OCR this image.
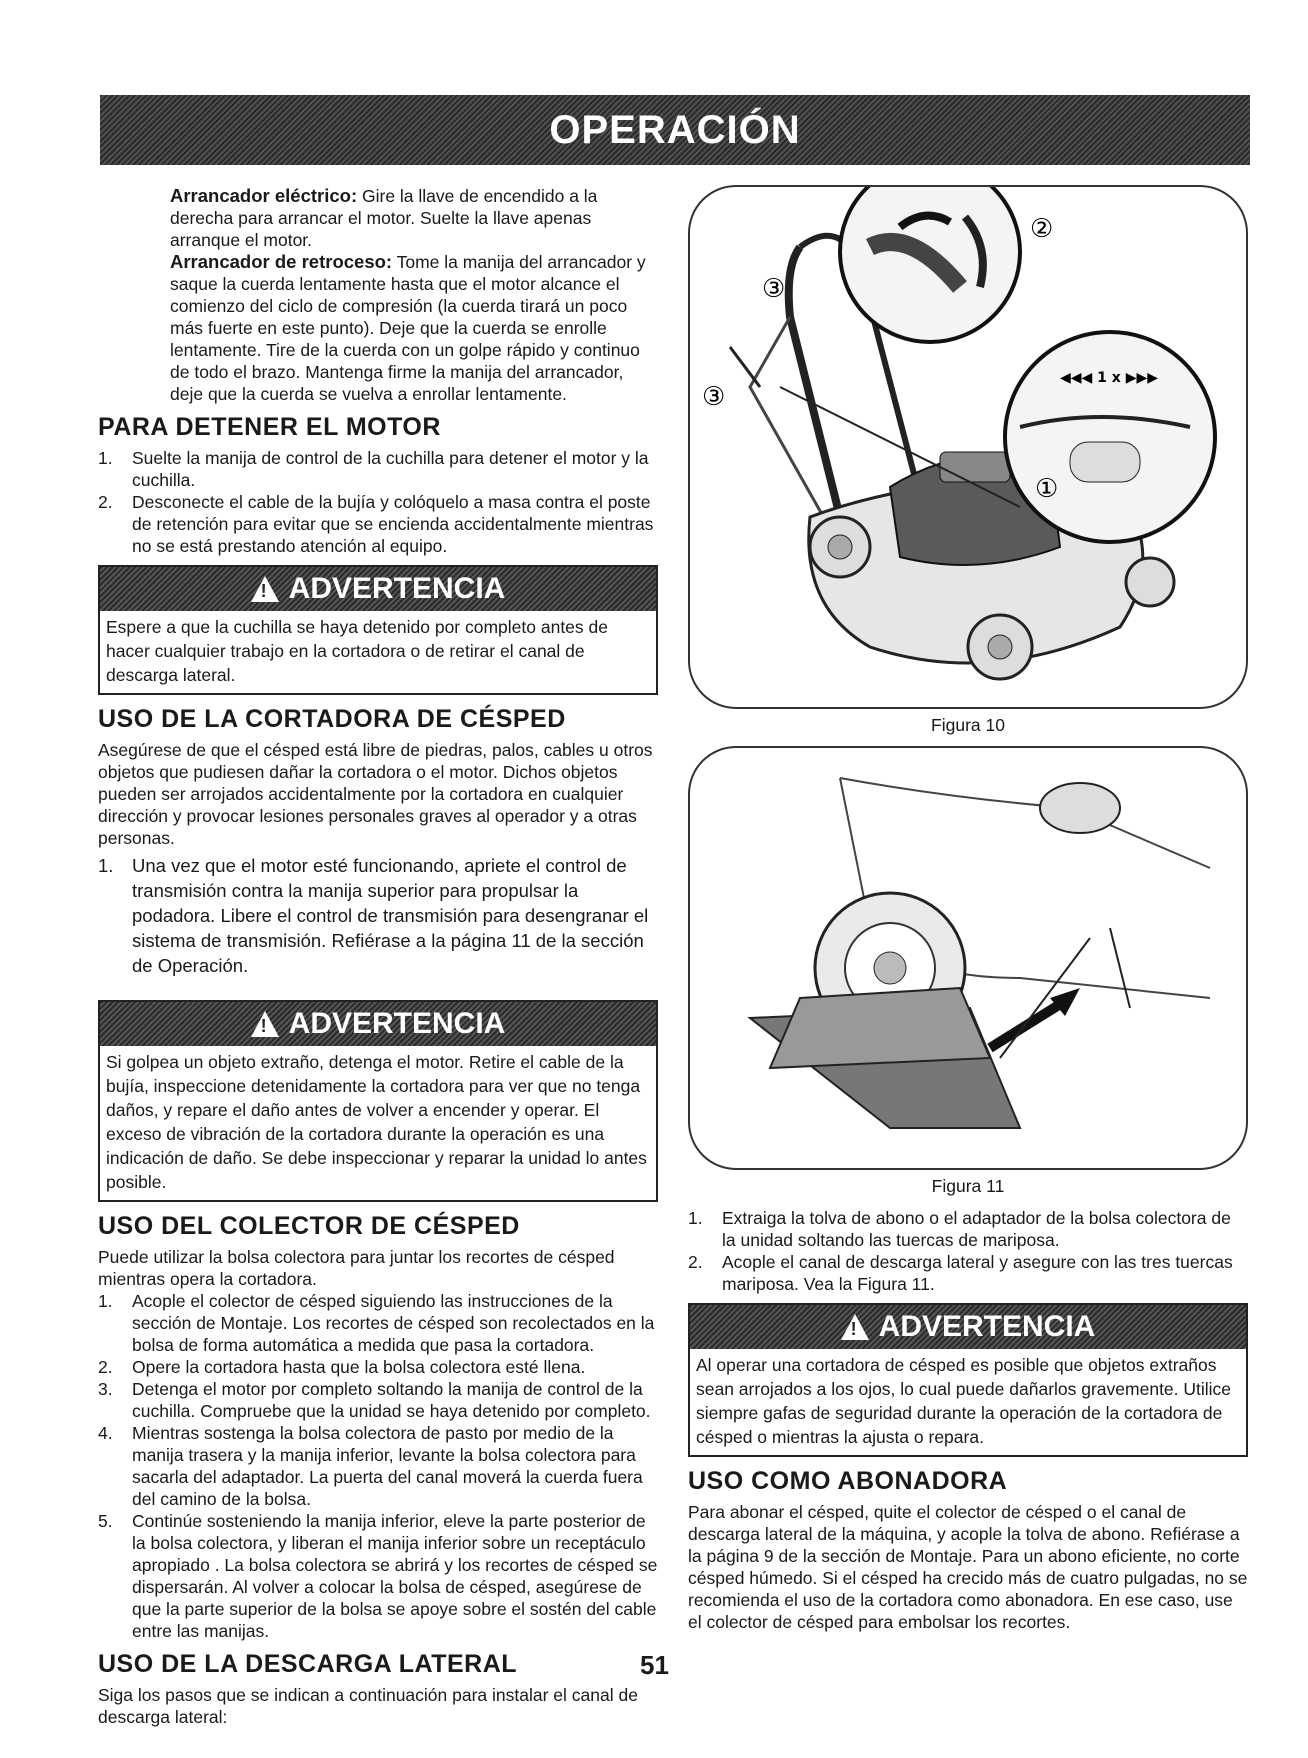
OPERACIÓN

Arrancador eléctrico: Gire la llave de encendido a la derecha para arrancar el motor. Suelte la llave apenas arranque el motor.
Arrancador de retroceso: Tome la manija del arrancador y saque la cuerda lentamente hasta que el motor alcance el comienzo del ciclo de compresión (la cuerda tirará un poco más fuerte en este punto). Deje que la cuerda se enrolle lentamente. Tire de la cuerda con un golpe rápido y continuo de todo el brazo. Mantenga firme la manija del arrancador, deje que la cuerda se vuelva a enrollar lentamente.

PARA DETENER EL MOTOR
1. Suelte la manija de control de la cuchilla para detener el motor y la cuchilla.
2. Desconecte el cable de la bujía y colóquelo a masa contra el poste de retención para evitar que se encienda accidentalmente mientras no se está prestando atención al equipo.
!
ADVERTENCIA
Espere a que la cuchilla se haya detenido por completo antes de hacer cualquier trabajo en la cortadora o de retirar el canal de descarga lateral.
USO DE LA CORTADORA DE CÉSPED

Asegúrese de que el césped está libre de piedras, palos, cables u otros objetos que pudiesen dañar la cortadora o el motor. Dichos objetos pueden ser arrojados accidentalmente por la cortadora en cualquier dirección y provocar lesiones personales graves al operador y a otras personas.

1. Una vez que el motor esté funcionando, apriete el control de transmisión contra la manija superior para propulsar la podadora. Libere el control de transmisión para desengranar el sistema de transmisión. Refiérase a la página 11 de la sección de Operación.
!
ADVERTENCIA
Si golpea un objeto extraño, detenga el motor. Retire el cable de la bujía, inspeccione detenidamente la cortadora para ver que no tenga daños, y repare el daño antes de volver a encender y operar. El exceso de vibración de la cortadora durante la operación es una indicación de daño. Se debe inspeccionar y reparar la unidad lo antes posible.
USO DEL COLECTOR DE CÉSPED

Puede utilizar la bolsa colectora para juntar los recortes de césped mientras opera la cortadora.

1. Acople el colector de césped siguiendo las instrucciones de la sección de Montaje. Los recortes de césped son recolectados en la bolsa de forma automática a medida que pasa la cortadora.
2. Opere la cortadora hasta que la bolsa colectora esté llena.
3. Detenga el motor por completo soltando la manija de control de la cuchilla. Compruebe que la unidad se haya detenido por completo.
4. Mientras sostenga la bolsa colectora de pasto por medio de la manija trasera y la manija inferior, levante la bolsa colectora para sacarla del adaptador. La puerta del canal moverá la cuerda fuera del camino de la bolsa.
5. Continúe sosteniendo la manija inferior, eleve la parte posterior de la bolsa colectora, y liberan el manija inferior sobre un receptáculo apropiado . La bolsa colectora se abrirá y los recortes de césped se dispersarán. Al volver a colocar la bolsa de césped, asegúrese de que la parte superior de la bolsa se apoye sobre el sostén del cable entre las manijas.
USO DE LA DESCARGA LATERAL

Siga los pasos que se indican a continuación para instalar el canal de descarga lateral:

②
③
③
①
◀◀◀ 1 x ▶▶▶
Figura 10
Figura 11
1. Extraiga la tolva de abono o el adaptador de la bolsa colectora de la unidad soltando las tuercas de mariposa.
2. Acople el canal de descarga lateral y asegure con las tres tuercas mariposa. Vea la Figura 11.
!
ADVERTENCIA
Al operar una cortadora de césped es posible que objetos extraños sean arrojados a los ojos, lo cual puede dañarlos gravemente. Utilice siempre gafas de seguridad durante la operación de la cortadora de césped o mientras la ajusta o repara.
USO COMO ABONADORA

Para abonar el césped, quite el colector de césped o el canal de descarga lateral de la máquina, y acople la tolva de abono. Refiérase a la página 9 de la sección de Montaje. Para un abono eficiente, no corte césped húmedo. Si el césped ha crecido más de cuatro pulgadas, no se recomienda el uso de la cortadora como abonadora. En ese caso, use el colector de césped para embolsar los recortes.

51
